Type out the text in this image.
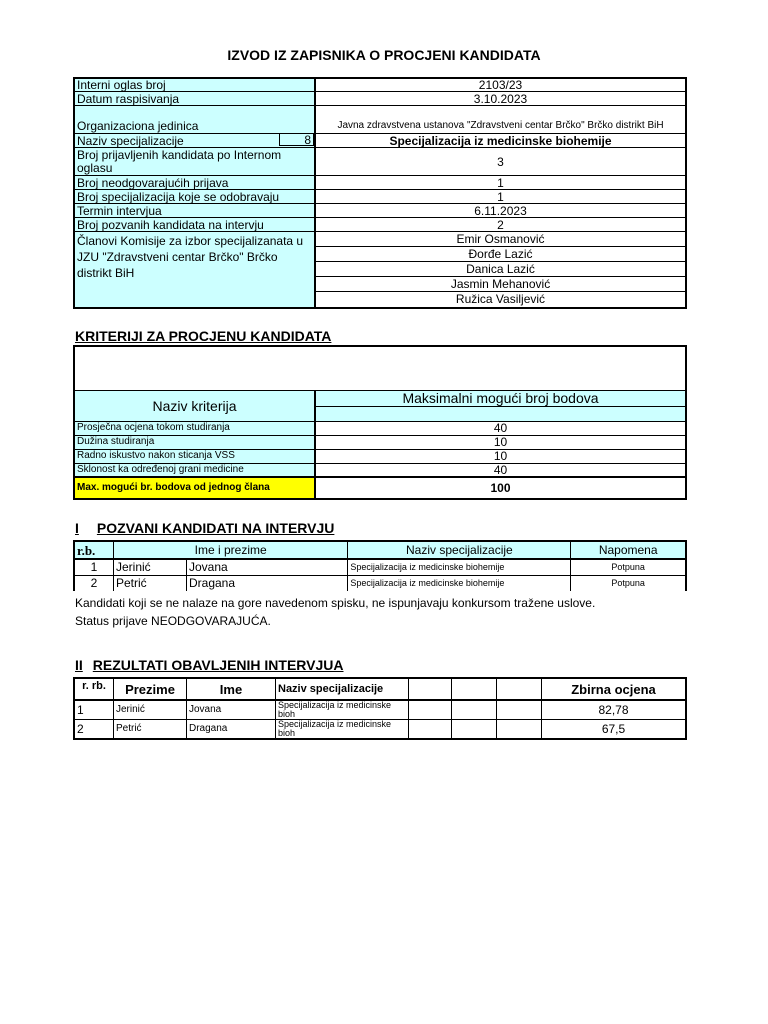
IZVOD IZ ZAPISNIKA O PROCJENI KANDIDATA
Interni oglas broj	2103/23
Datum raspisivanja	3.10.2023
Organizaciona jedinica	Javna zdravstvena ustanova "Zdravstveni centar Brčko" Brčko distrikt BiH
Naziv specijalizacije 8	Specijalizacija iz medicinske biohemije
Broj prijavljenih kandidata po Internom oglasu	3
Broj neodgovarajućih prijava	1
Broj specijalizacija koje se odobravaju	1
Termin intervjua	6.11.2023
Broj pozvanih kandidata na intervju	2
Članovi Komisije za izbor specijalizanata u JZU "Zdravstveni centar Brčko" Brčko distrikt BiH	Emir Osmanović
	Đorđe Lazić
	Danica Lazić
	Jasmin Mehanović
	Ružica Vasiljević
KRITERIJI ZA PROCJENU KANDIDATA

Naziv kriterija	Maksimalni mogući broj bodova

Prosječna ocjena tokom studiranja	40
Dužina studiranja	10
Radno iskustvo nakon sticanja VSS	10
Sklonost ka određenoj grani medicine	40
Max. mogući br. bodova od jednog člana	100
I POZVANI KANDIDATI NA INTERVJU
r.b.	Ime i prezime		Naziv specijalizacije	Napomena
1	Jerinić	Jovana	Specijalizacija iz medicinske biohemije	Potpuna
2	Petrić	Dragana	Specijalizacija iz medicinske biohemije	Potpuna
Kandidati koji se ne nalaze na gore navedenom spisku, ne ispunjavaju konkursom tražene uslove.
Status prijave NEODGOVARAJUĆA.
II REZULTATI OBAVLJENIH INTERVJUA
r. rb.	Prezime	Ime	Naziv specijalizacije				Zbirna ocjena
1	Jerinić	Jovana	Specijalizacija iz medicinske bioh				82,78
2	Petrić	Dragana	Specijalizacija iz medicinske bioh				67,5
